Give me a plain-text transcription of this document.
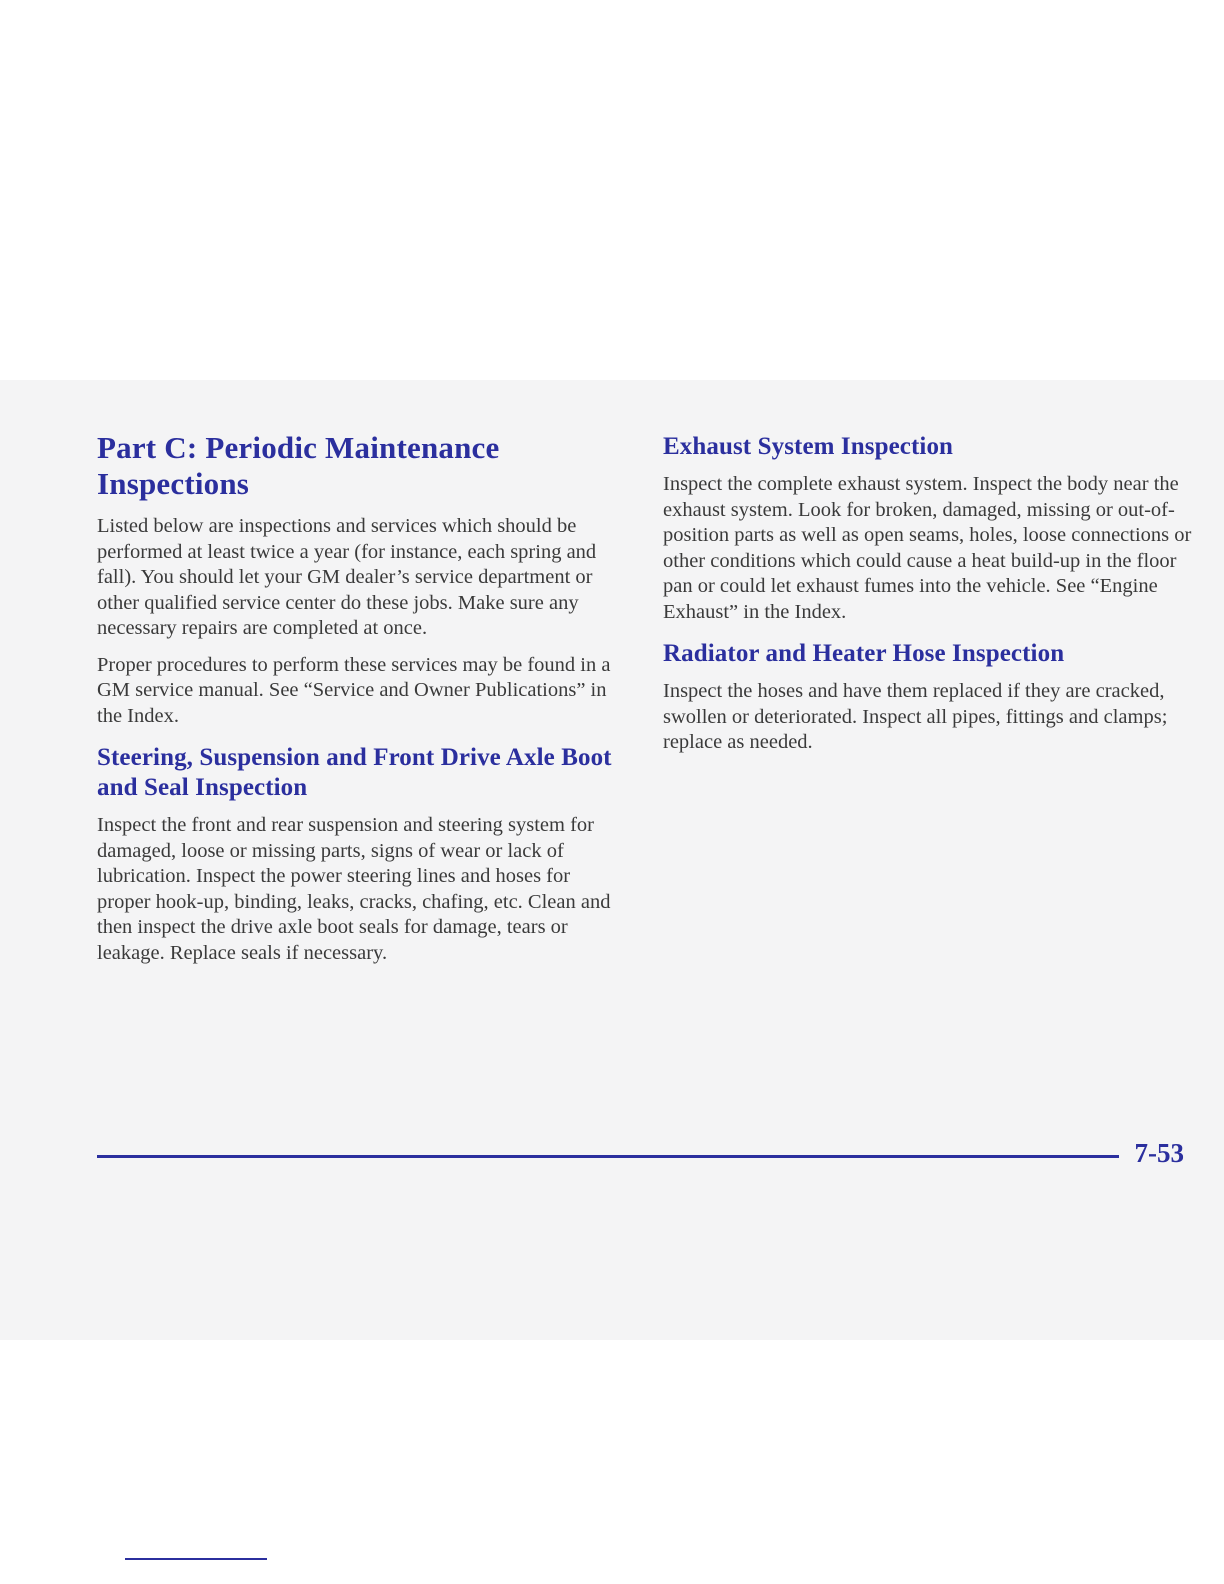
Part C: Periodic Maintenance Inspections

Listed below are inspections and services which should be performed at least twice a year (for instance, each spring and fall). You should let your GM dealer’s service department or other qualified service center do these jobs. Make sure any necessary repairs are completed at once.

Proper procedures to perform these services may be found in a GM service manual. See “Service and Owner Publications” in the Index.

Steering, Suspension and Front Drive Axle Boot and Seal Inspection

Inspect the front and rear suspension and steering system for damaged, loose or missing parts, signs of wear or lack of lubrication. Inspect the power steering lines and hoses for proper hook-up, binding, leaks, cracks, chafing, etc. Clean and then inspect the drive axle boot seals for damage, tears or leakage. Replace seals if necessary.

Exhaust System Inspection

Inspect the complete exhaust system. Inspect the body near the exhaust system. Look for broken, damaged, missing or out-of-position parts as well as open seams, holes, loose connections or other conditions which could cause a heat build-up in the floor pan or could let exhaust fumes into the vehicle. See “Engine Exhaust” in the Index.

Radiator and Heater Hose Inspection

Inspect the hoses and have them replaced if they are cracked, swollen or deteriorated. Inspect all pipes, fittings and clamps; replace as needed.

7-53
